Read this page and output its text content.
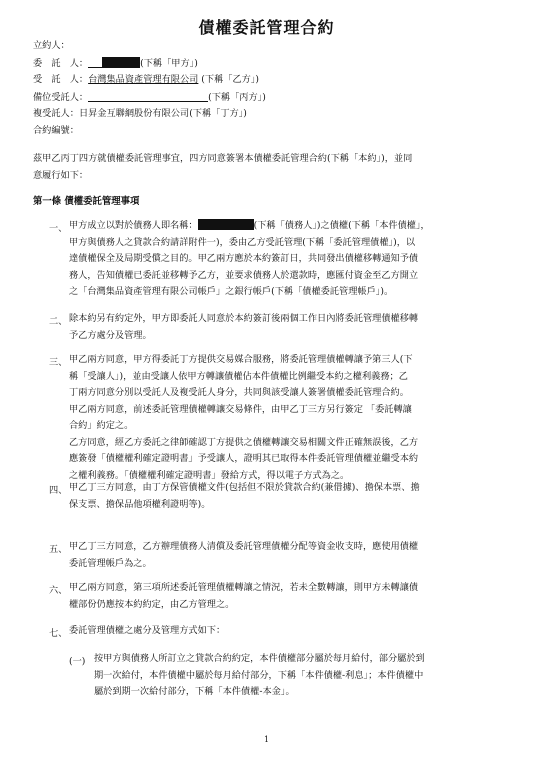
債權委託管理合約
立約人：
委　託　人：	(下稱「甲方」)
受　託　人：台灣集品資產管理有限公司 (下稱「乙方」)
備位受託人：	(下稱「丙方」)
複受託人：日昇金互聯網股份有限公司(下稱「丁方」)
合約編號：
茲甲乙丙丁四方就債權委託管理事宜，四方同意簽署本債權委託管理合約(下稱「本約」)，並同
意履行如下：
第一條 債權委託管理事項
一、 甲方成立以對於債務人即名稱：	(下稱「債務人」)之債權(下稱「本件債權」，
甲方與債務人之貸款合約請詳附件一)，委由乙方受託管理(下稱「委託管理債權」)，以
達債權保全及局期受償之目的。甲乙兩方應於本約簽訂日，共同發出債權移轉通知予債
務人，告知債權已委託並移轉予乙方，並要求債務人於還款時，應匯付資金至乙方開立
之「台灣集品資產管理有限公司帳戶」之銀行帳戶(下稱「債權委託管理帳戶」)。
二、 除本約另有約定外，甲方即委託人同意於本約簽訂後兩個工作日內將委託管理債權移轉
予乙方處分及管理。
三、 甲乙兩方同意，甲方得委託丁方提供交易媒合服務，將委託管理債權轉讓予第三人(下
稱「受讓人」)，並由受讓人依甲方轉讓債權佔本件債權比例繼受本約之權利義務；乙
丁兩方同意分別以受託人及複受託人身分，共同與該受讓人簽署債權委託管理合約。
甲乙兩方同意，前述委託管理債權轉讓交易條件，由甲乙丁三方另行簽定 「委託轉讓
合約」約定之。
乙方同意，經乙方委託之律師確認丁方提供之債權轉讓交易相關文件正確無誤後，乙方
應簽發「債權權利確定證明書」予受讓人，證明其已取得本件委託管理債權並繼受本約
之權利義務。「債權權利確定證明書」發給方式，得以電子方式為之。
四、 甲乙丁三方同意，由丁方保管債權文件(包括但不限於貸款合約(兼借據)、擔保本票、擔
保支票、擔保品他項權利證明等)。
五、 甲乙丁三方同意，乙方辦理債務人清償及委託管理債權分配等資金收支時，應使用債權
委託管理帳戶為之。
六、 甲乙兩方同意，第三項所述委託管理債權轉讓之情況，若未全數轉讓，則甲方未轉讓債
權部份仍應按本約約定，由乙方管理之。
七、 委託管理債權之處分及管理方式如下：
(一) 按甲方與債務人所訂立之貸款合約約定，本件債權部分屬於每月給付，部分屬於到
期一次給付，本件債權中屬於每月給付部分，下稱「本件債權-利息」；本件債權中
屬於到期一次給付部分，下稱「本件債權-本金」。
1
